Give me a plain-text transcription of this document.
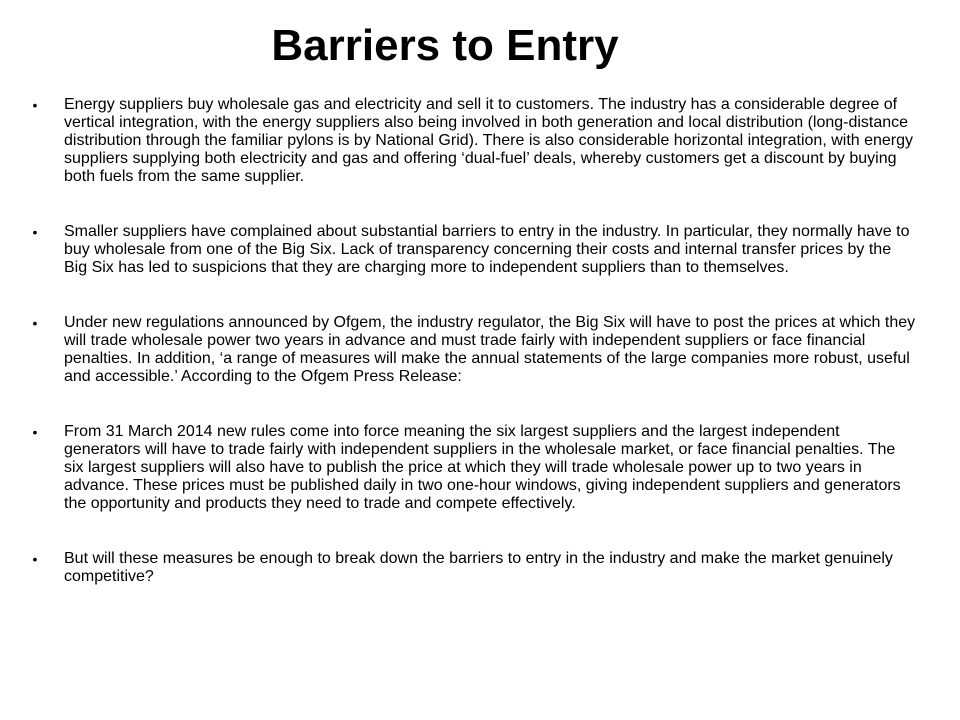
Barriers to Entry
• Energy suppliers buy wholesale gas and electricity and sell it to customers. The industry has a considerable degree of vertical integration, with the energy suppliers also being involved in both generation and local distribution (long-distance distribution through the familiar pylons is by National Grid). There is also considerable horizontal integration, with energy suppliers supplying both electricity and gas and offering ‘dual-fuel’ deals, whereby customers get a discount by buying both fuels from the same supplier.
• Smaller suppliers have complained about substantial barriers to entry in the industry. In particular, they normally have to buy wholesale from one of the Big Six. Lack of transparency concerning their costs and internal transfer prices by the Big Six has led to suspicions that they are charging more to independent suppliers than to themselves.
• Under new regulations announced by Ofgem, the industry regulator, the Big Six will have to post the prices at which they will trade wholesale power two years in advance and must trade fairly with independent suppliers or face financial penalties. In addition, ‘a range of measures will make the annual statements of the large companies more robust, useful and accessible.’ According to the Ofgem Press Release:
• From 31 March 2014 new rules come into force meaning the six largest suppliers and the largest independent generators will have to trade fairly with independent suppliers in the wholesale market, or face financial penalties. The six largest suppliers will also have to publish the price at which they will trade wholesale power up to two years in advance. These prices must be published daily in two one-hour windows, giving independent suppliers and generators the opportunity and products they need to trade and compete effectively.
• But will these measures be enough to break down the barriers to entry in the industry and make the market genuinely competitive?
